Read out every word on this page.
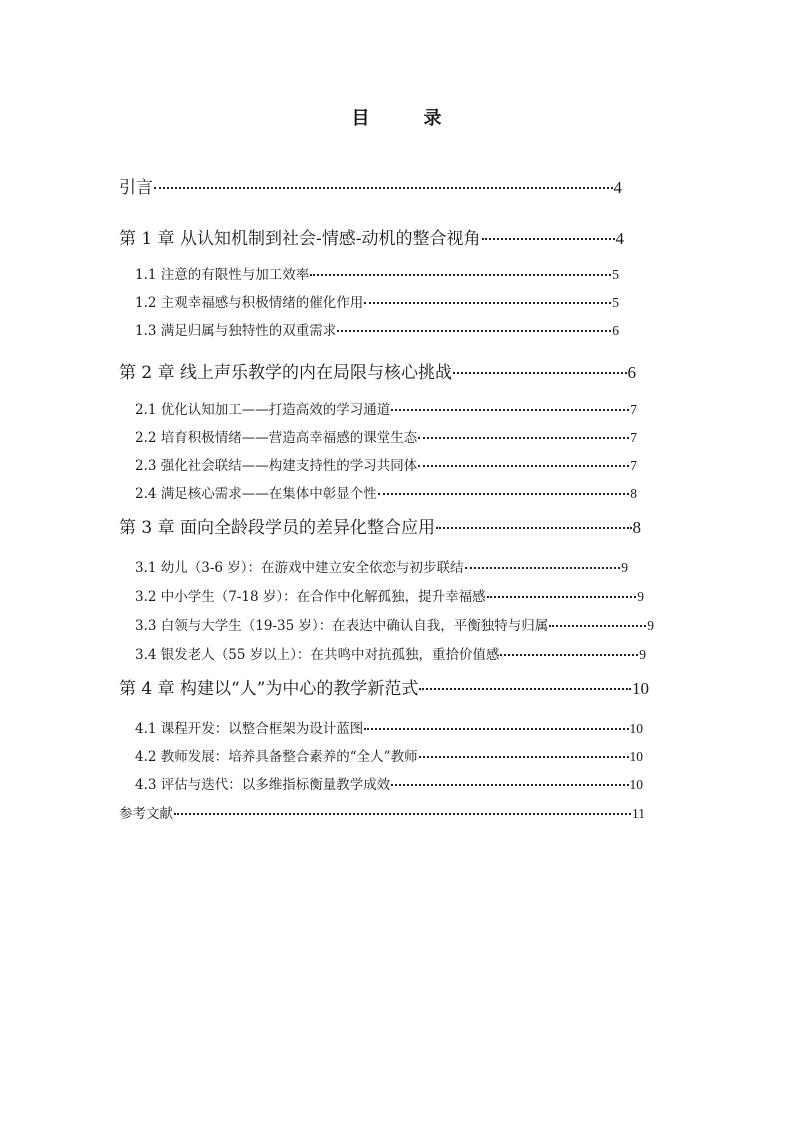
目　录
引言	4
第 1 章 从认知机制到社会-情感-动机的整合视角	4
1.1 注意的有限性与加工效率	5
1.2 主观幸福感与积极情绪的催化作用	5
1.3 满足归属与独特性的双重需求	6
第 2 章 线上声乐教学的内在局限与核心挑战	6
2.1 优化认知加工——打造高效的学习通道	7
2.2 培育积极情绪——营造高幸福感的课堂生态	7
2.3 强化社会联结——构建支持性的学习共同体	7
2.4 满足核心需求——在集体中彰显个性	8
第 3 章 面向全龄段学员的差异化整合应用	8
3.1 幼儿（3-6 岁）：在游戏中建立安全依恋与初步联结	9
3.2 中小学生（7-18 岁）：在合作中化解孤独，提升幸福感	9
3.3 白领与大学生（19-35 岁）：在表达中确认自我，平衡独特与归属	9
3.4 银发老人（55 岁以上）：在共鸣中对抗孤独，重拾价值感	9
第 4 章 构建以“人”为中心的教学新范式	10
4.1 课程开发：以整合框架为设计蓝图	10
4.2 教师发展：培养具备整合素养的“全人”教师	10
4.3 评估与迭代：以多维指标衡量教学成效	10
参考文献	11
